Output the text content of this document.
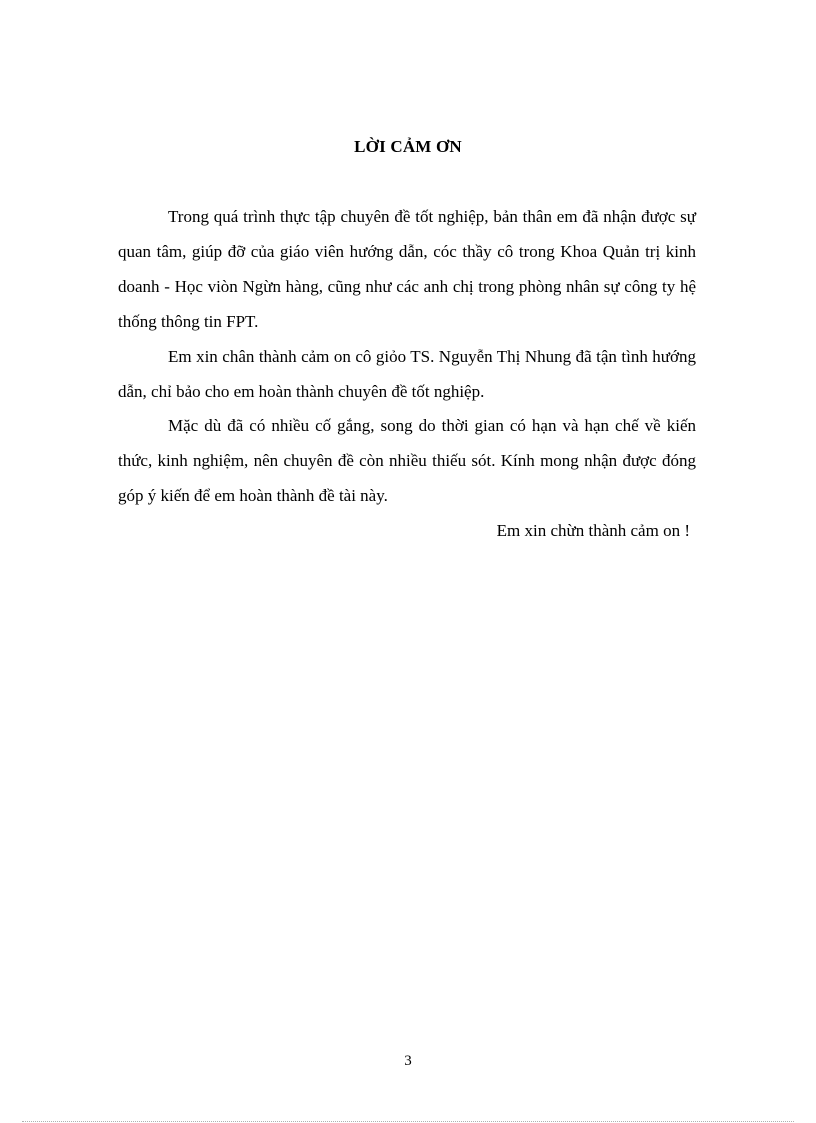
LỜI CẢM ƠN

Trong quá trình thực tập chuyên đề tốt nghiệp, bản thân em đã nhận được sự quan tâm, giúp đỡ của giáo viên hướng dẫn, cóc thầy cô trong Khoa Quản trị kinh doanh - Học viòn Ngừn hàng, cũng như các anh chị trong phòng nhân sự công ty hệ thống thông tin FPT.

Em xin chân thành cảm on cô giỏo TS. Nguyễn Thị Nhung đã tận tình hướng dẫn, chỉ bảo cho em hoàn thành chuyên đề tốt nghiệp.

Mặc dù đã có nhiều cố gắng, song do thời gian có hạn và hạn chế về kiến thức, kinh nghiệm, nên chuyên đề còn nhiều thiếu sót. Kính mong nhận được đóng góp ý kiến để em hoàn thành đề tài này.

Em xin chừn thành cảm on !

3
